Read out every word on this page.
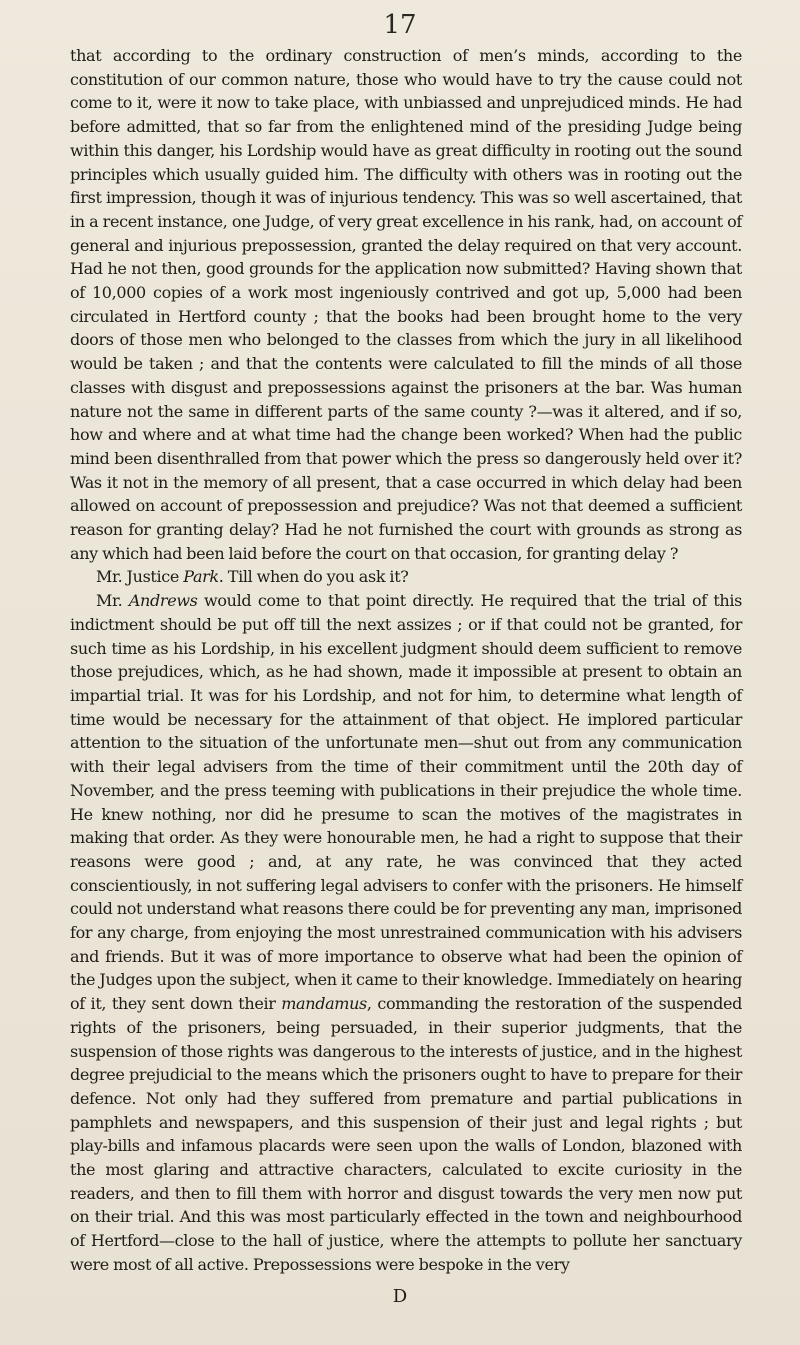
17

that according to the ordinary construction of men’s minds, according to the constitution of our common nature, those who would have to try the cause could not come to it, were it now to take place, with unbiassed and unprejudiced minds. He had before admitted, that so far from the enlightened mind of the presiding Judge being within this danger, his Lordship would have as great difficulty in rooting out the sound principles which usually guided him. The difficulty with others was in rooting out the first impression, though it was of injurious tendency. This was so well ascertained, that in a recent instance, one Judge, of very great excellence in his rank, had, on account of general and injurious prepossession, granted the delay required on that very account. Had he not then, good grounds for the application now submitted? Having shown that of 10,000 copies of a work most ingeniously contrived and got up, 5,000 had been circulated in Hertford county ; that the books had been brought home to the very doors of those men who belonged to the classes from which the jury in all likelihood would be taken ; and that the contents were calculated to fill the minds of all those classes with disgust and prepossessions against the prisoners at the bar. Was human nature not the same in different parts of the same county ?—was it altered, and if so, how and where and at what time had the change been worked? When had the public mind been disenthralled from that power which the press so dangerously held over it? Was it not in the memory of all present, that a case occurred in which delay had been allowed on account of prepossession and prejudice? Was not that deemed a sufficient reason for granting delay? Had he not furnished the court with grounds as strong as any which had been laid before the court on that occasion, for granting delay ?

Mr. Justice Park. Till when do you ask it?

Mr. Andrews would come to that point directly. He required that the trial of this indictment should be put off till the next assizes ; or if that could not be granted, for such time as his Lordship, in his excellent judgment should deem sufficient to remove those prejudices, which, as he had shown, made it impossible at present to obtain an impartial trial. It was for his Lordship, and not for him, to determine what length of time would be necessary for the attainment of that object. He implored particular attention to the situation of the unfortunate men—shut out from any communication with their legal advisers from the time of their commitment until the 20th day of November, and the press teeming with publications in their prejudice the whole time. He knew nothing, nor did he presume to scan the motives of the magistrates in making that order. As they were honourable men, he had a right to suppose that their reasons were good ; and, at any rate, he was convinced that they acted conscientiously, in not suffering legal advisers to confer with the prisoners. He himself could not understand what reasons there could be for preventing any man, imprisoned for any charge, from enjoying the most unrestrained communication with his advisers and friends. But it was of more importance to observe what had been the opinion of the Judges upon the subject, when it came to their knowledge. Immediately on hearing of it, they sent down their mandamus, commanding the restoration of the suspended rights of the prisoners, being persuaded, in their superior judgments, that the suspension of those rights was dangerous to the interests of justice, and in the highest degree prejudicial to the means which the prisoners ought to have to prepare for their defence. Not only had they suffered from premature and partial publications in pamphlets and newspapers, and this suspension of their just and legal rights ; but play-bills and infamous placards were seen upon the walls of London, blazoned with the most glaring and attractive characters, calculated to excite curiosity in the readers, and then to fill them with horror and disgust towards the very men now put on their trial. And this was most particularly effected in the town and neighbourhood of Hertford—close to the hall of justice, where the attempts to pollute her sanctuary were most of all active. Prepossessions were bespoke in the very

D
